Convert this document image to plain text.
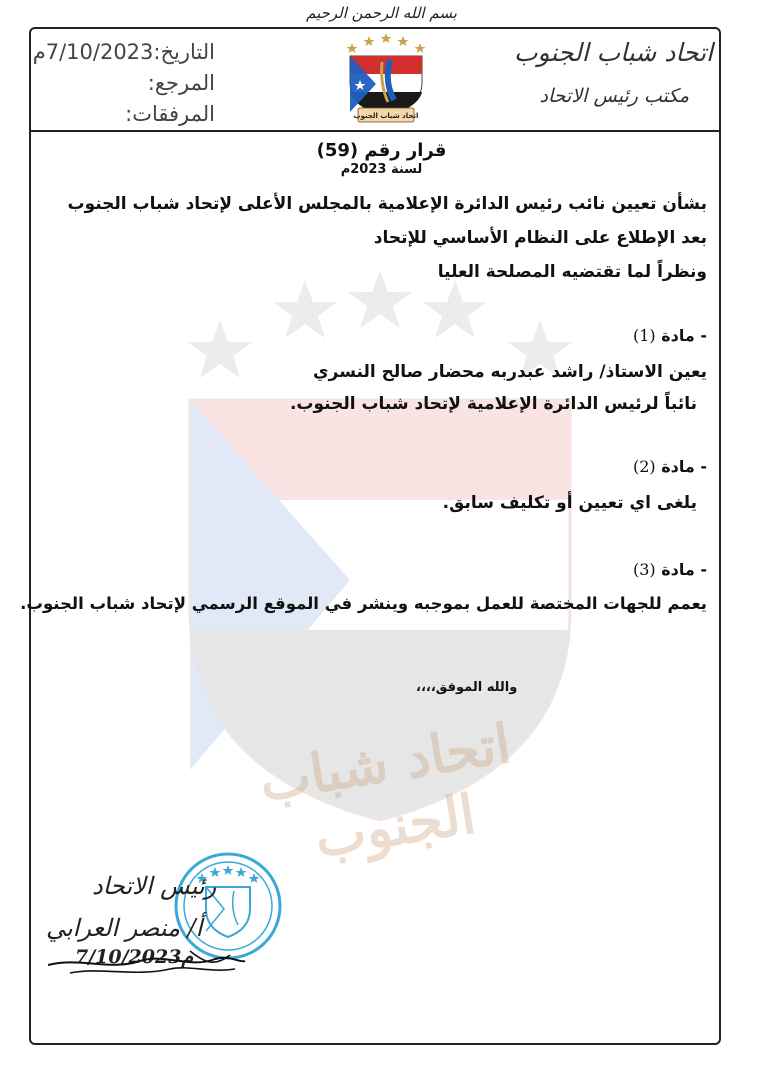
بسم الله الرحمن الرحيم
اتحاد شباب الجنوب
مكتب رئيس الاتحاد
التاريخ:7/10/2023م
المرجع:
المرفقات:	اتحاد شباب الجنوب
اتحاد شباب الجنوب
قرار رقم (59)
لسنة 2023م
بشأن تعيين نائب رئيس الدائرة الإعلامية بالمجلس الأعلى لإتحاد شباب الجنوب
بعد الإطلاع على النظام الأساسي للإتحاد
ونظراً لما تقتضيه المصلحة العليا
- مادة (1)
يعين الاستاذ/ راشد عبدربه محضار صالح النسري
نائباً لرئيس الدائرة الإعلامية لإتحاد شباب الجنوب.
- مادة (2)
يلغى اي تعيين أو تكليف سابق.
- مادة (3)
يعمم للجهات المختصة للعمل بموجبه وينشر في الموقع الرسمي لإتحاد شباب الجنوب.
والله الموفق،،،،
رئيس الاتحاد
أ/ منصر العرابي
7/10/2023م
